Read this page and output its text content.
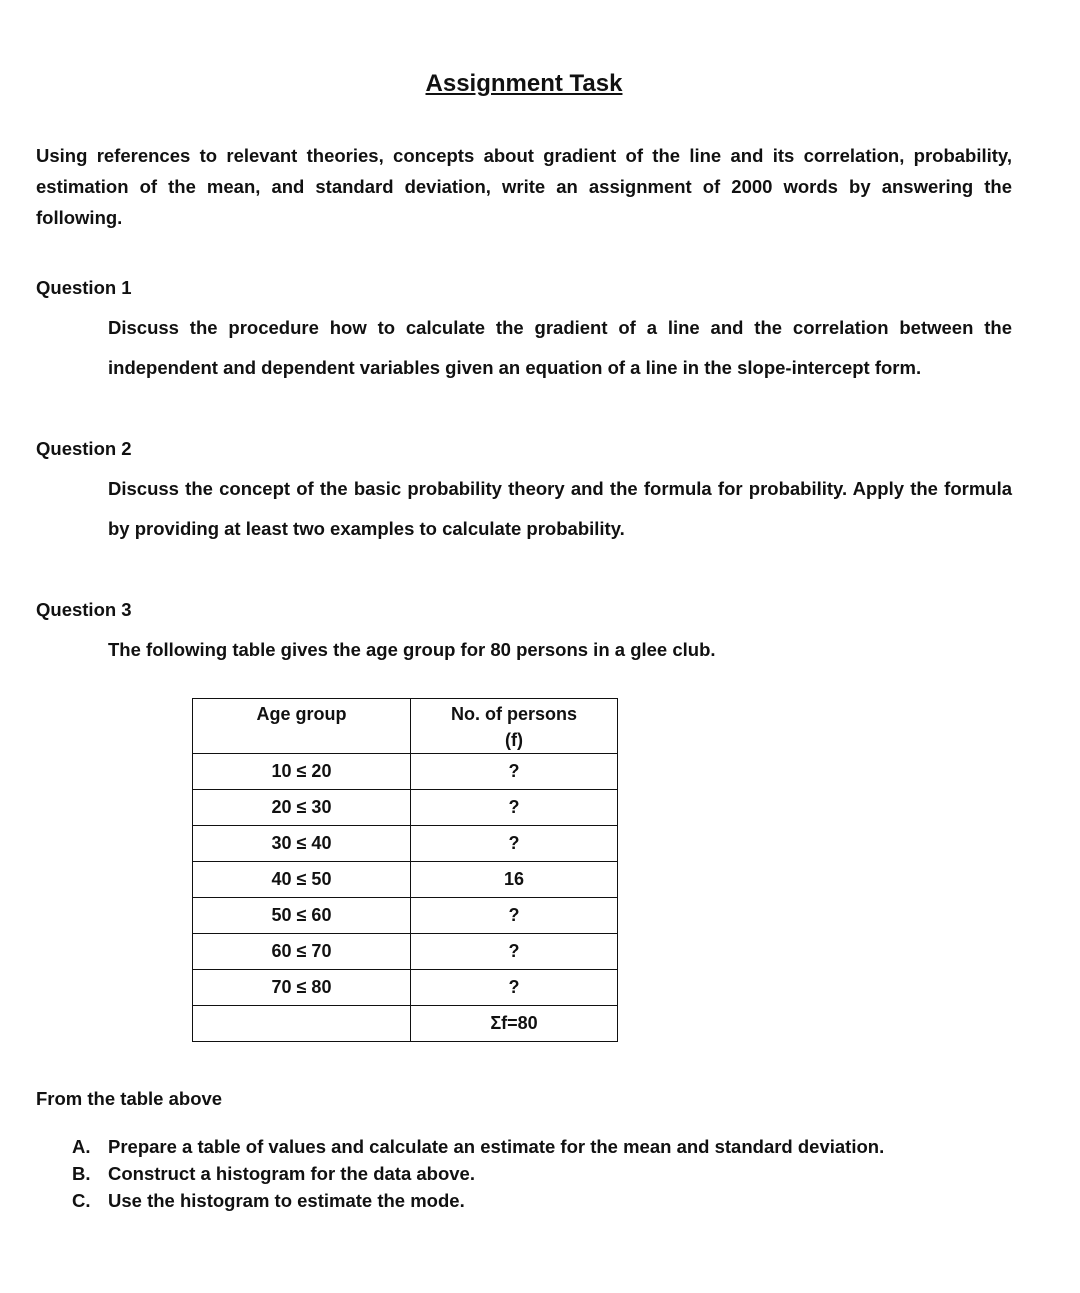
Assignment Task
Using references to relevant theories, concepts about gradient of the line and its correlation, probability, estimation of the mean, and standard deviation, write an assignment of 2000 words by answering the following.
Question 1
Discuss the procedure how to calculate the gradient of a line and the correlation between the independent and dependent variables given an equation of a line in the slope-intercept form.
Question 2
Discuss the concept of the basic probability theory and the formula for probability. Apply the formula by providing at least two examples to calculate probability.
Question 3
The following table gives the age group for 80 persons in a glee club.
Age group	No. of persons
(f)

10 ≤ 20	?
20 ≤ 30	?
30 ≤ 40	?
40 ≤ 50	16
50 ≤ 60	?
60 ≤ 70	?
70 ≤ 80	?
	Σf=80
From the table above
A. Prepare a table of values and calculate an estimate for the mean and standard deviation.
B. Construct a histogram for the data above.
C. Use the histogram to estimate the mode.
